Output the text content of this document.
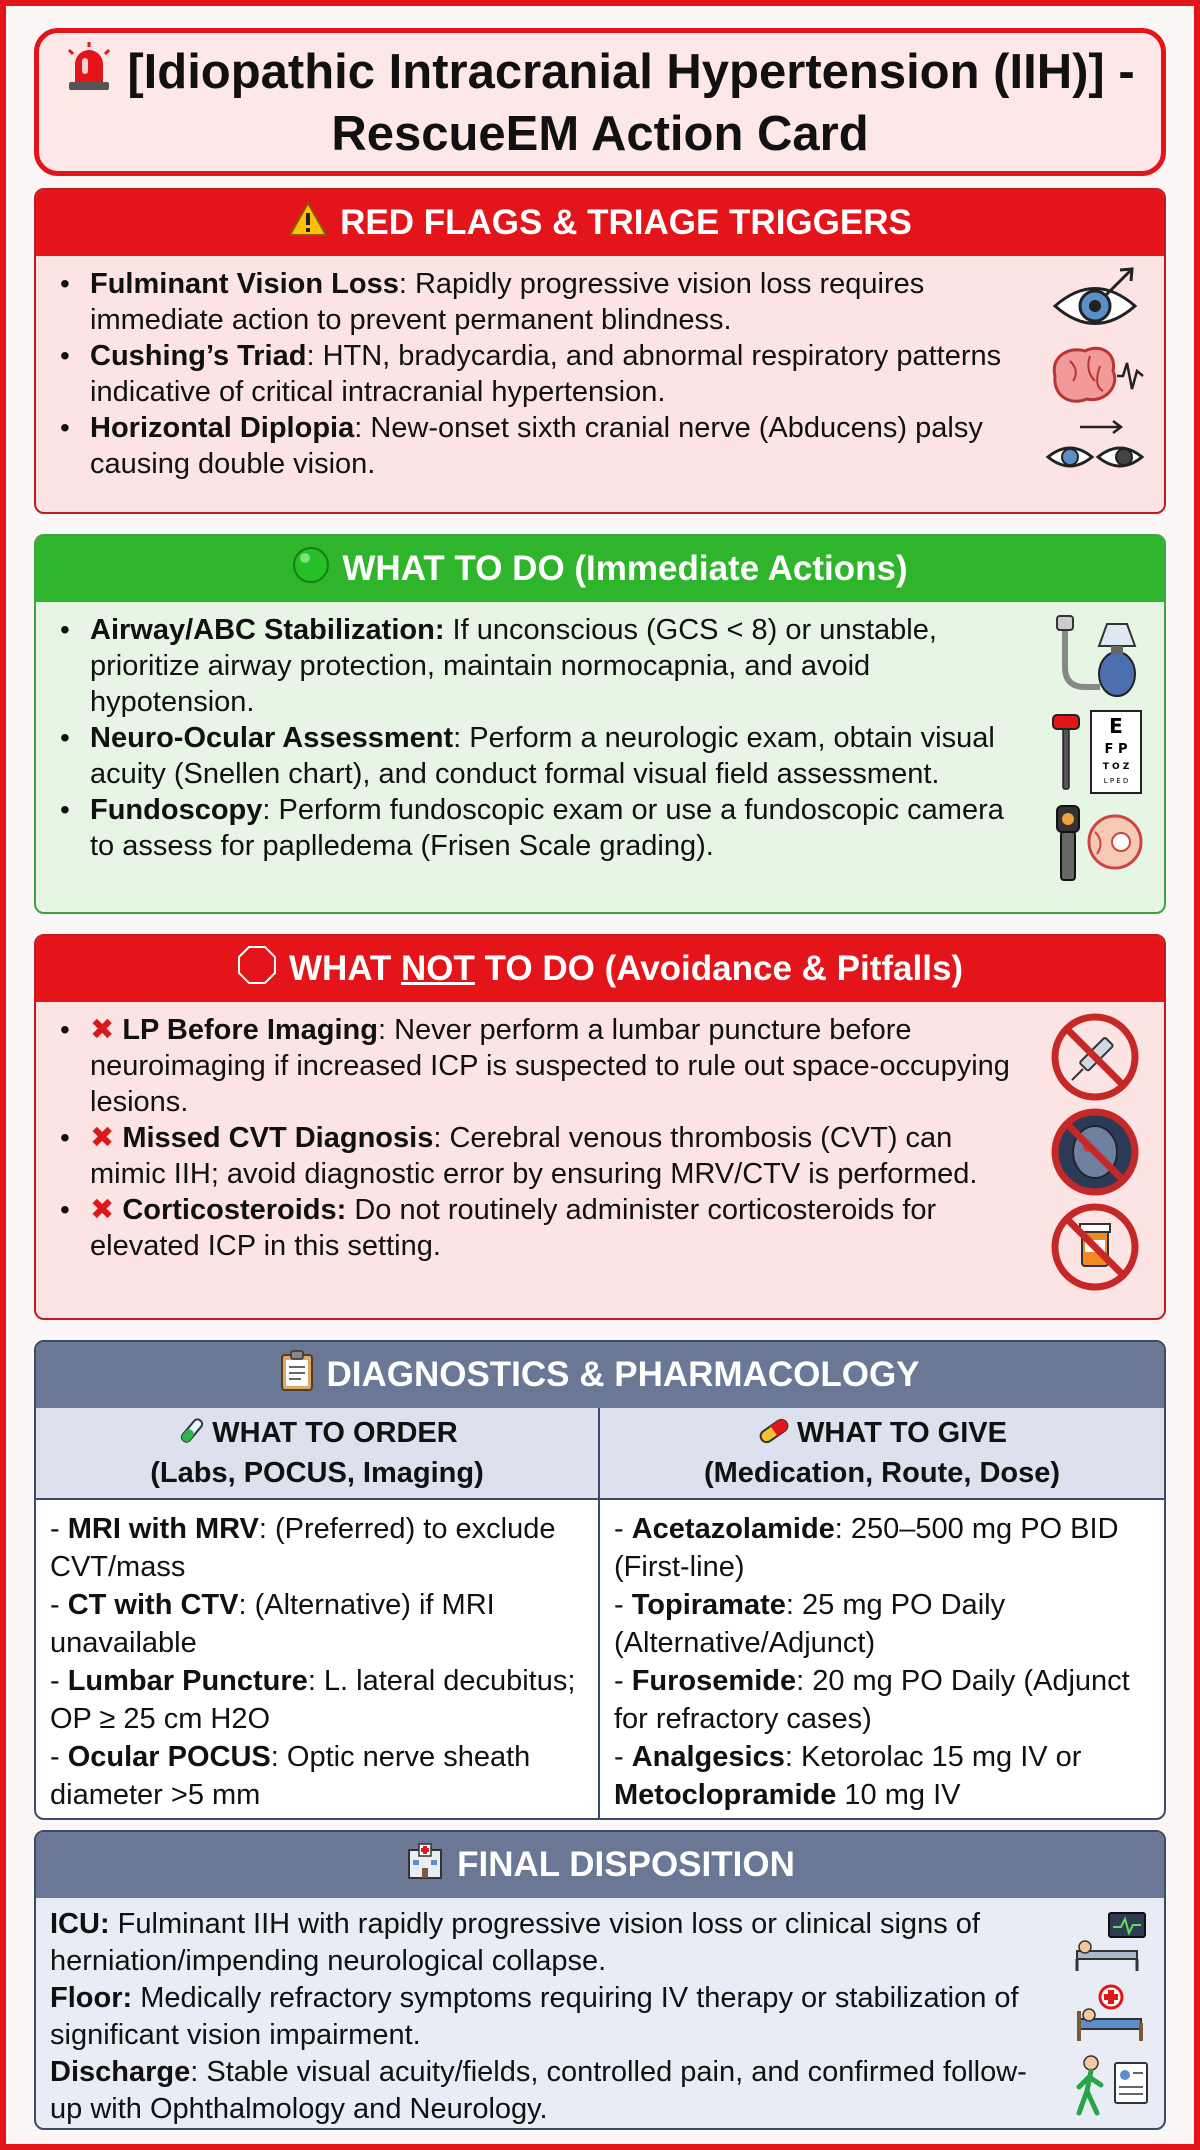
[Idiopathic Intracranial Hypertension (IIH)] - RescueEM Action Card
RED FLAGS & TRIAGE TRIGGERS
• Fulminant Vision Loss: Rapidly progressive vision loss requires immediate action to prevent permanent blindness.
• Cushing’s Triad: HTN, bradycardia, and abnormal respiratory patterns indicative of critical intracranial hypertension.
• Horizontal Diplopia: New-onset sixth cranial nerve (Abducens) palsy causing double vision.
WHAT TO DO (Immediate Actions)
• Airway/ABC Stabilization: If unconscious (GCS < 8) or unstable, prioritize airway protection, maintain normocapnia, and avoid hypotension.
• Neuro-Ocular Assessment: Perform a neurologic exam, obtain visual acuity (Snellen chart), and conduct formal visual field assessment.
• Fundoscopy: Perform fundoscopic exam or use a fundoscopic camera to assess for paplledema (Frisen Scale grading).
E
F P
T O Z
L P E D
WHAT NOT TO DO (Avoidance & Pitfalls)
• ✖ LP Before Imaging: Never perform a lumbar puncture before neuroimaging if increased ICP is suspected to rule out space-occupying lesions.
• ✖ Missed CVT Diagnosis: Cerebral venous thrombosis (CVT) can mimic IIH; avoid diagnostic error by ensuring MRV/CTV is performed.
• ✖ Corticosteroids: Do not routinely administer corticosteroids for elevated ICP in this setting.
DIAGNOSTICS & PHARMACOLOGY
WHAT TO ORDER
(Labs, POCUS, Imaging)

- MRI with MRV: (Preferred) to exclude CVT/mass

- CT with CTV: (Alternative) if MRI unavailable

- Lumbar Puncture: L. lateral decubitus; OP ≥ 25 cm H2O

- Ocular POCUS: Optic nerve sheath diameter >5 mm

WHAT TO GIVE
(Medication, Route, Dose)

- Acetazolamide: 250–500 mg PO BID (First-line)

- Topiramate: 25 mg PO Daily (Alternative/Adjunct)

- Furosemide: 20 mg PO Daily (Adjunct for refractory cases)

- Analgesics: Ketorolac 15 mg IV or Metoclopramide 10 mg IV

FINAL DISPOSITION

ICU: Fulminant IIH with rapidly progressive vision loss or clinical signs of herniation/impending neurological collapse.

Floor: Medically refractory symptoms requiring IV therapy or stabilization of significant vision impairment.

Discharge: Stable visual acuity/fields, controlled pain, and confirmed follow-up with Ophthalmology and Neurology.
